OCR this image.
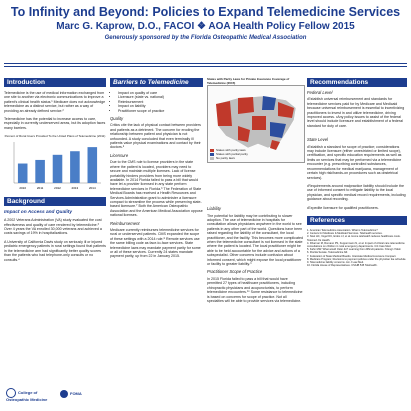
To Infinity and Beyond: Policies to Expand Telemedicine Services
Marc G. Kaprow, D.O., FACOI ❖ AOA Health Policy Fellow 2015
Generously sponsored by the Florida Osteopathic Medical Association
Introduction

Telemedicine is the use of medical information exchanged from one site to another via electronic communications to improve a patient's clinical health status.¹ Medicare does not acknowledge telemedicine as a distinct service, but rather as a way of providing an already defined service.²

Telemedicine has the potential to increase access to care, especially in currently underserved areas, but its adoption faces many barriers.

Percent of Rural Users Provided To the United Plans of Telemedicine (2011)
2010	2011	2012	2013	2014
Background
Impact on Access and Quality

A 2002 Veterans Administration (VA) study evaluated the cost effectiveness and quality of care rendered by telemedicine.³ Over 4 years the VA enrolled 30,000 veterans and achieved a costs savings of 19% in hospitalizations.

A University of California Davis study on seriously ill or injured pediatric emergency patients in rural settings found that patients in the telemedicine arm had significantly better quality scores than the patients who had telephone-only consults or no consults.⁴

College of Osteopathic Medicine
FOMA
Barriers to Telemedicine
• Impact on quality of care
• Licensure (state vs. national)
• Reimbursement
• Impact on liability
• Practitioner scope of practice
Quality

Critics cite the lack of physical contact between providers and patients as a detriment. The concern for eroding the relationship between patient and physician is not unfounded. A study concluded that even terminally ill patients value physical examinations and contact by their doctors.⁵

Licensure

Due to the CMS rule to license providers in the state where the patient is located, providers may need to secure and maintain multiple licenses. Lack of license portability hinders providers from being more widely available. In 2014 Florida failed to pass a bill that would have let a provider licensed in any state perform telemedicine services in Florida.⁶ The Federation of State Medical Boards has received a Health Resources and Services Administration grant to administer a licensure compact to streamline the process while preserving state-based licensure.⁷ Both the American Osteopathic Association and the American Medical Association oppose national licenses.

Reimbursement

Medicare currently reimburses telemedicine services for rural or underserved patients. CMS expanded the scope of these settings with a 2014 rule.⁸ Remote services use the same billing code as face-to-face services. State telemedicine laws may mandate payment parity for some or all of these services. Currently 24 states mandate payment parity, up from 22 in January 2015.

States with Parity Laws for Private Insurance Coverage of Telemedicine (2015)
States with parity laws
States with partial parity
No parity laws
Liability

The potential for liability may be contributing to slower adoption. The use of telemedicine in hospitals for consultation allows physicians anywhere in the world to see patients in any other part of the world. Questions have been raised regarding the liability of the consultant, the local practitioner, and the facility. This becomes more complicated when the telemedicine consultant is not licensed in the state where the patient is located. The local practitioner might be able to be held accountable for the advice and actions of a subspecialist. Other concerns include confusion about informed consent, which might expose the local practitioner or facility to greater liability.⁹

Practitioner Scope of Practice

In 2015 Florida failed to pass a bill that would have permitted 27 types of healthcare practitioners, including chiropractic physicians and acupuncturists, to perform telemedicine encounters.¹⁰ Some resistance to telemedicine is based on concerns for scope of practice. Not all specialties will be able to provide services via telemedicine.

Recommendations
Federal Level

•Establish universal reimbursement and standards for telemedicine services paid for by Medicare and Medicaid because universal reimbursement is essential to incentivizing practitioners to invest in and utilize telemedicine, driving improved access. •Any policy issues to assist of the federal level should include licensure and establishment of a federal standard for duty of care.

State Level

•Establish a standard for scope of practice; considerations may include licensure (either unrestricted or limited scope), certification, and specific education requirements as well as limits on services that may be performed via a telemedicine encounter (e.g. prescribing controlled substances, recommendations for medical marijuana, management of certain high risk/hands-on procedures such as obstetrical services).

•Requirements around malpractice liability should include the use of informed consent to mitigate liability to the local physician, and specific medical record requirements, including guidance about recording.

•Expedite licensure for qualified practitioners.

References
1. American Telemedicine Association. What is Telemedicine?
2. Centers for Medicare & Medicaid Services. Telehealth services.
3. Noel HC, Vogel DC, Erdos JJ, et al. Home telehealth reduces healthcare costs. Telemed J E Health.
4. Dharmar M, Romano PS, Kuppermann N, et al. Impact of critical care telemedicine consultations on children in rural emergency departments. Crit Care Med.
5. Kahn MW. What would Osler do? Learning from difficult patients. N Engl J Med.
6. Florida Senate. Telemedicine bill.
7. Federation of State Medical Boards. Interstate Medical Licensure Compact.
8. Medicare Program; Revisions to payment policies under the physician fee schedule.
9. Telemedicine liability concerns. Am J Law Med.
10. Florida House of Representatives. CS/HB 545 Telehealth.
